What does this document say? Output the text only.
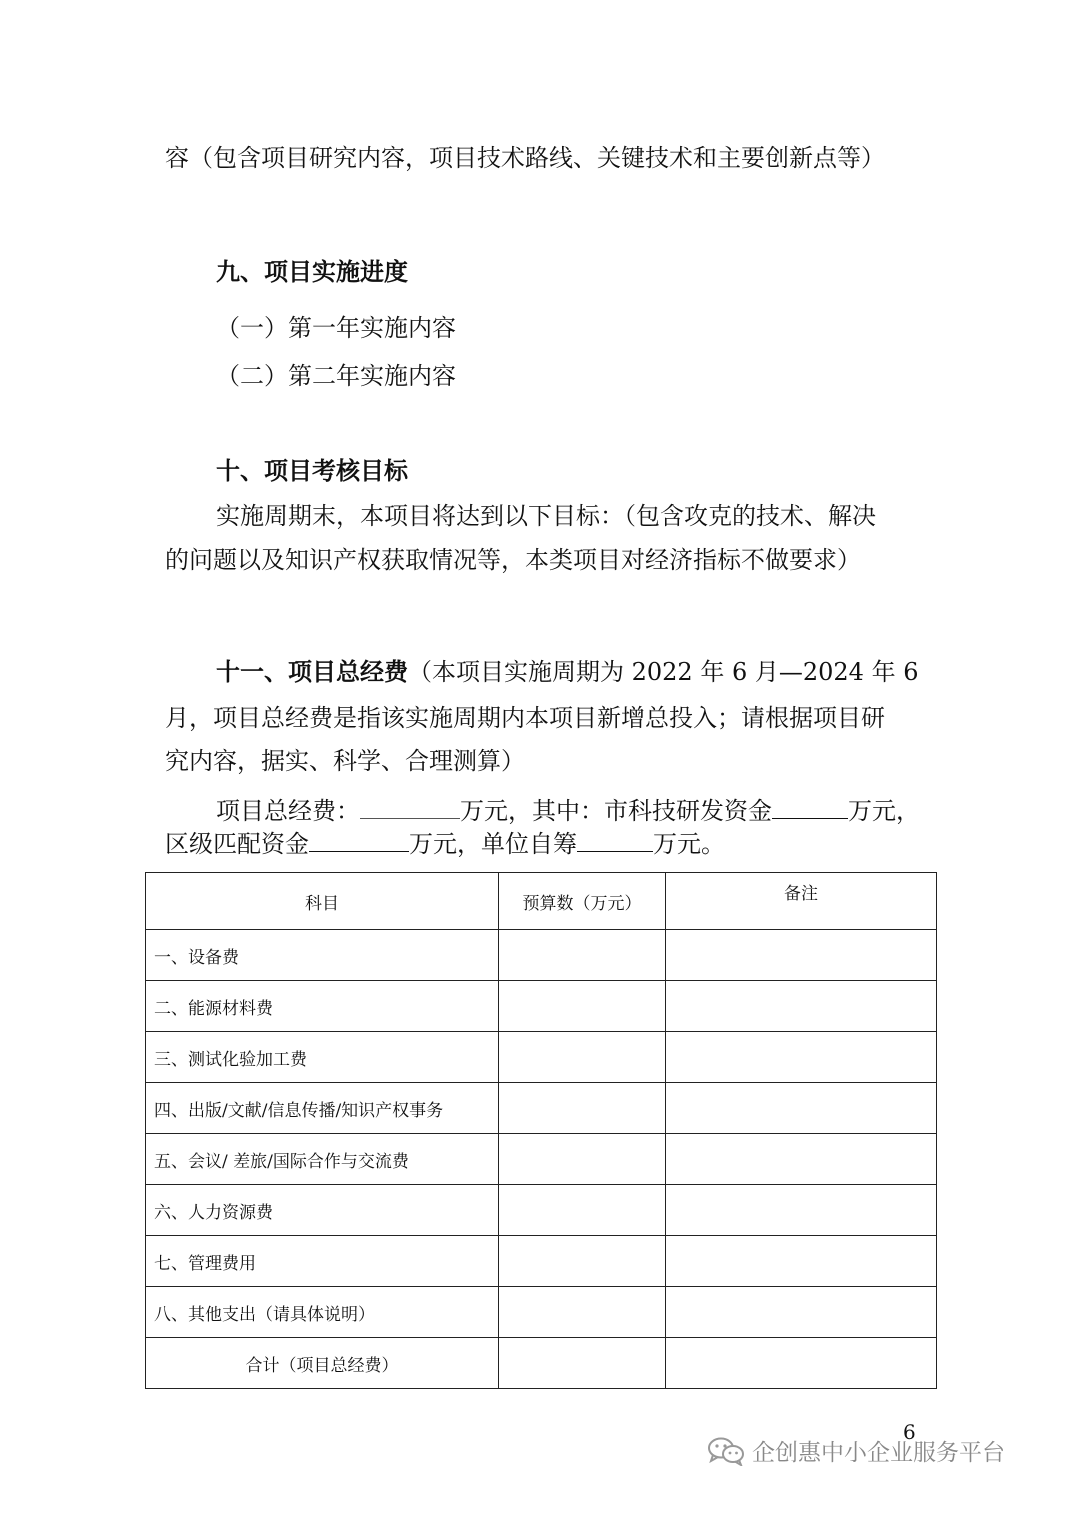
容（包含项目研究内容，项目技术路线、关键技术和主要创新点等）
九、项目实施进度
（一）第一年实施内容
（二）第二年实施内容
十、项目考核目标
实施周期末，本项目将达到以下目标：（包含攻克的技术、解决
的问题以及知识产权获取情况等，本类项目对经济指标不做要求）
十一、项目总经费（本项目实施周期为 2022 年 6 月—2024 年 6
月，项目总经费是指该实施周期内本项目新增总投入；请根据项目研
究内容，据实、科学、合理测算）
项目总经费：	万元，其中：市科技研发资金	万元，
区级匹配资金	万元，单位自筹	万元。
科目	预算数（万元）	备注
一、设备费		
二、能源材料费		
三、测试化验加工费		
四、出版/文献/信息传播/知识产权事务		
五、会议/ 差旅/国际合作与交流费		
六、人力资源费		
七、管理费用		
八、其他支出（请具体说明）		
合计（项目总经费）		
6
企创惠中小企业服务平台
